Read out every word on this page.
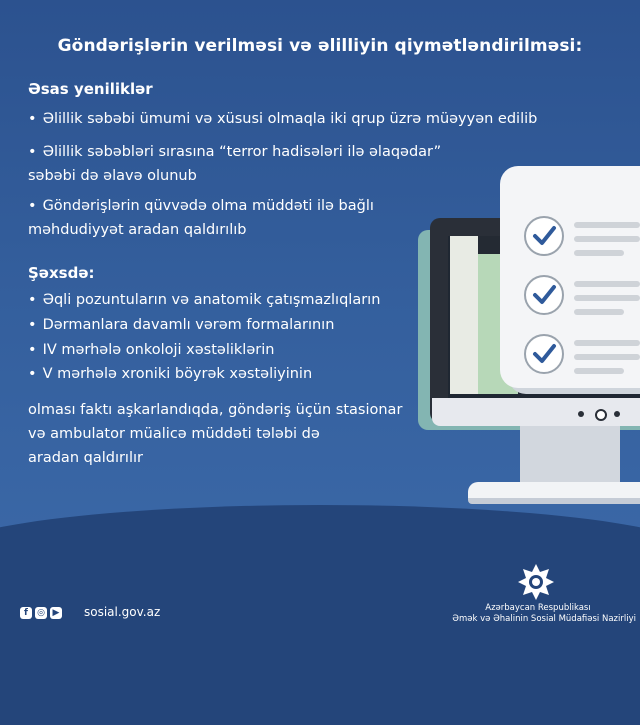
Göndərişlərin verilməsi və əlilliyin qiymətləndirilməsi:
Əsas yeniliklər
• Əlillik səbəbi ümumi və xüsusi olmaqla iki qrup üzrə müəyyən edilib
• Əlillik səbəbləri sırasına “terror hadisələri ilə əlaqədar”
səbəbi də əlavə olunub
• Göndərişlərin qüvvədə olma müddəti ilə bağlı
məhdudiyyət aradan qaldırılıb
Şəxsdə:
• Əqli pozuntuların və anatomik çatışmazlıqların
• Dərmanlara davamlı vərəm formalarının
• IV mərhələ onkoloji xəstəliklərin
• V mərhələ xroniki böyrək xəstəliyinin
olması faktı aşkarlandıqda, göndəriş üçün stasionar
və ambulator müalicə müddəti tələbi də
aradan qaldırılır
f	◎ ▶ sosial.gov.az	Azərbaycan Respublikası
Əmək və Əhalinin Sosial Müdafiəsi Nazirliyi
